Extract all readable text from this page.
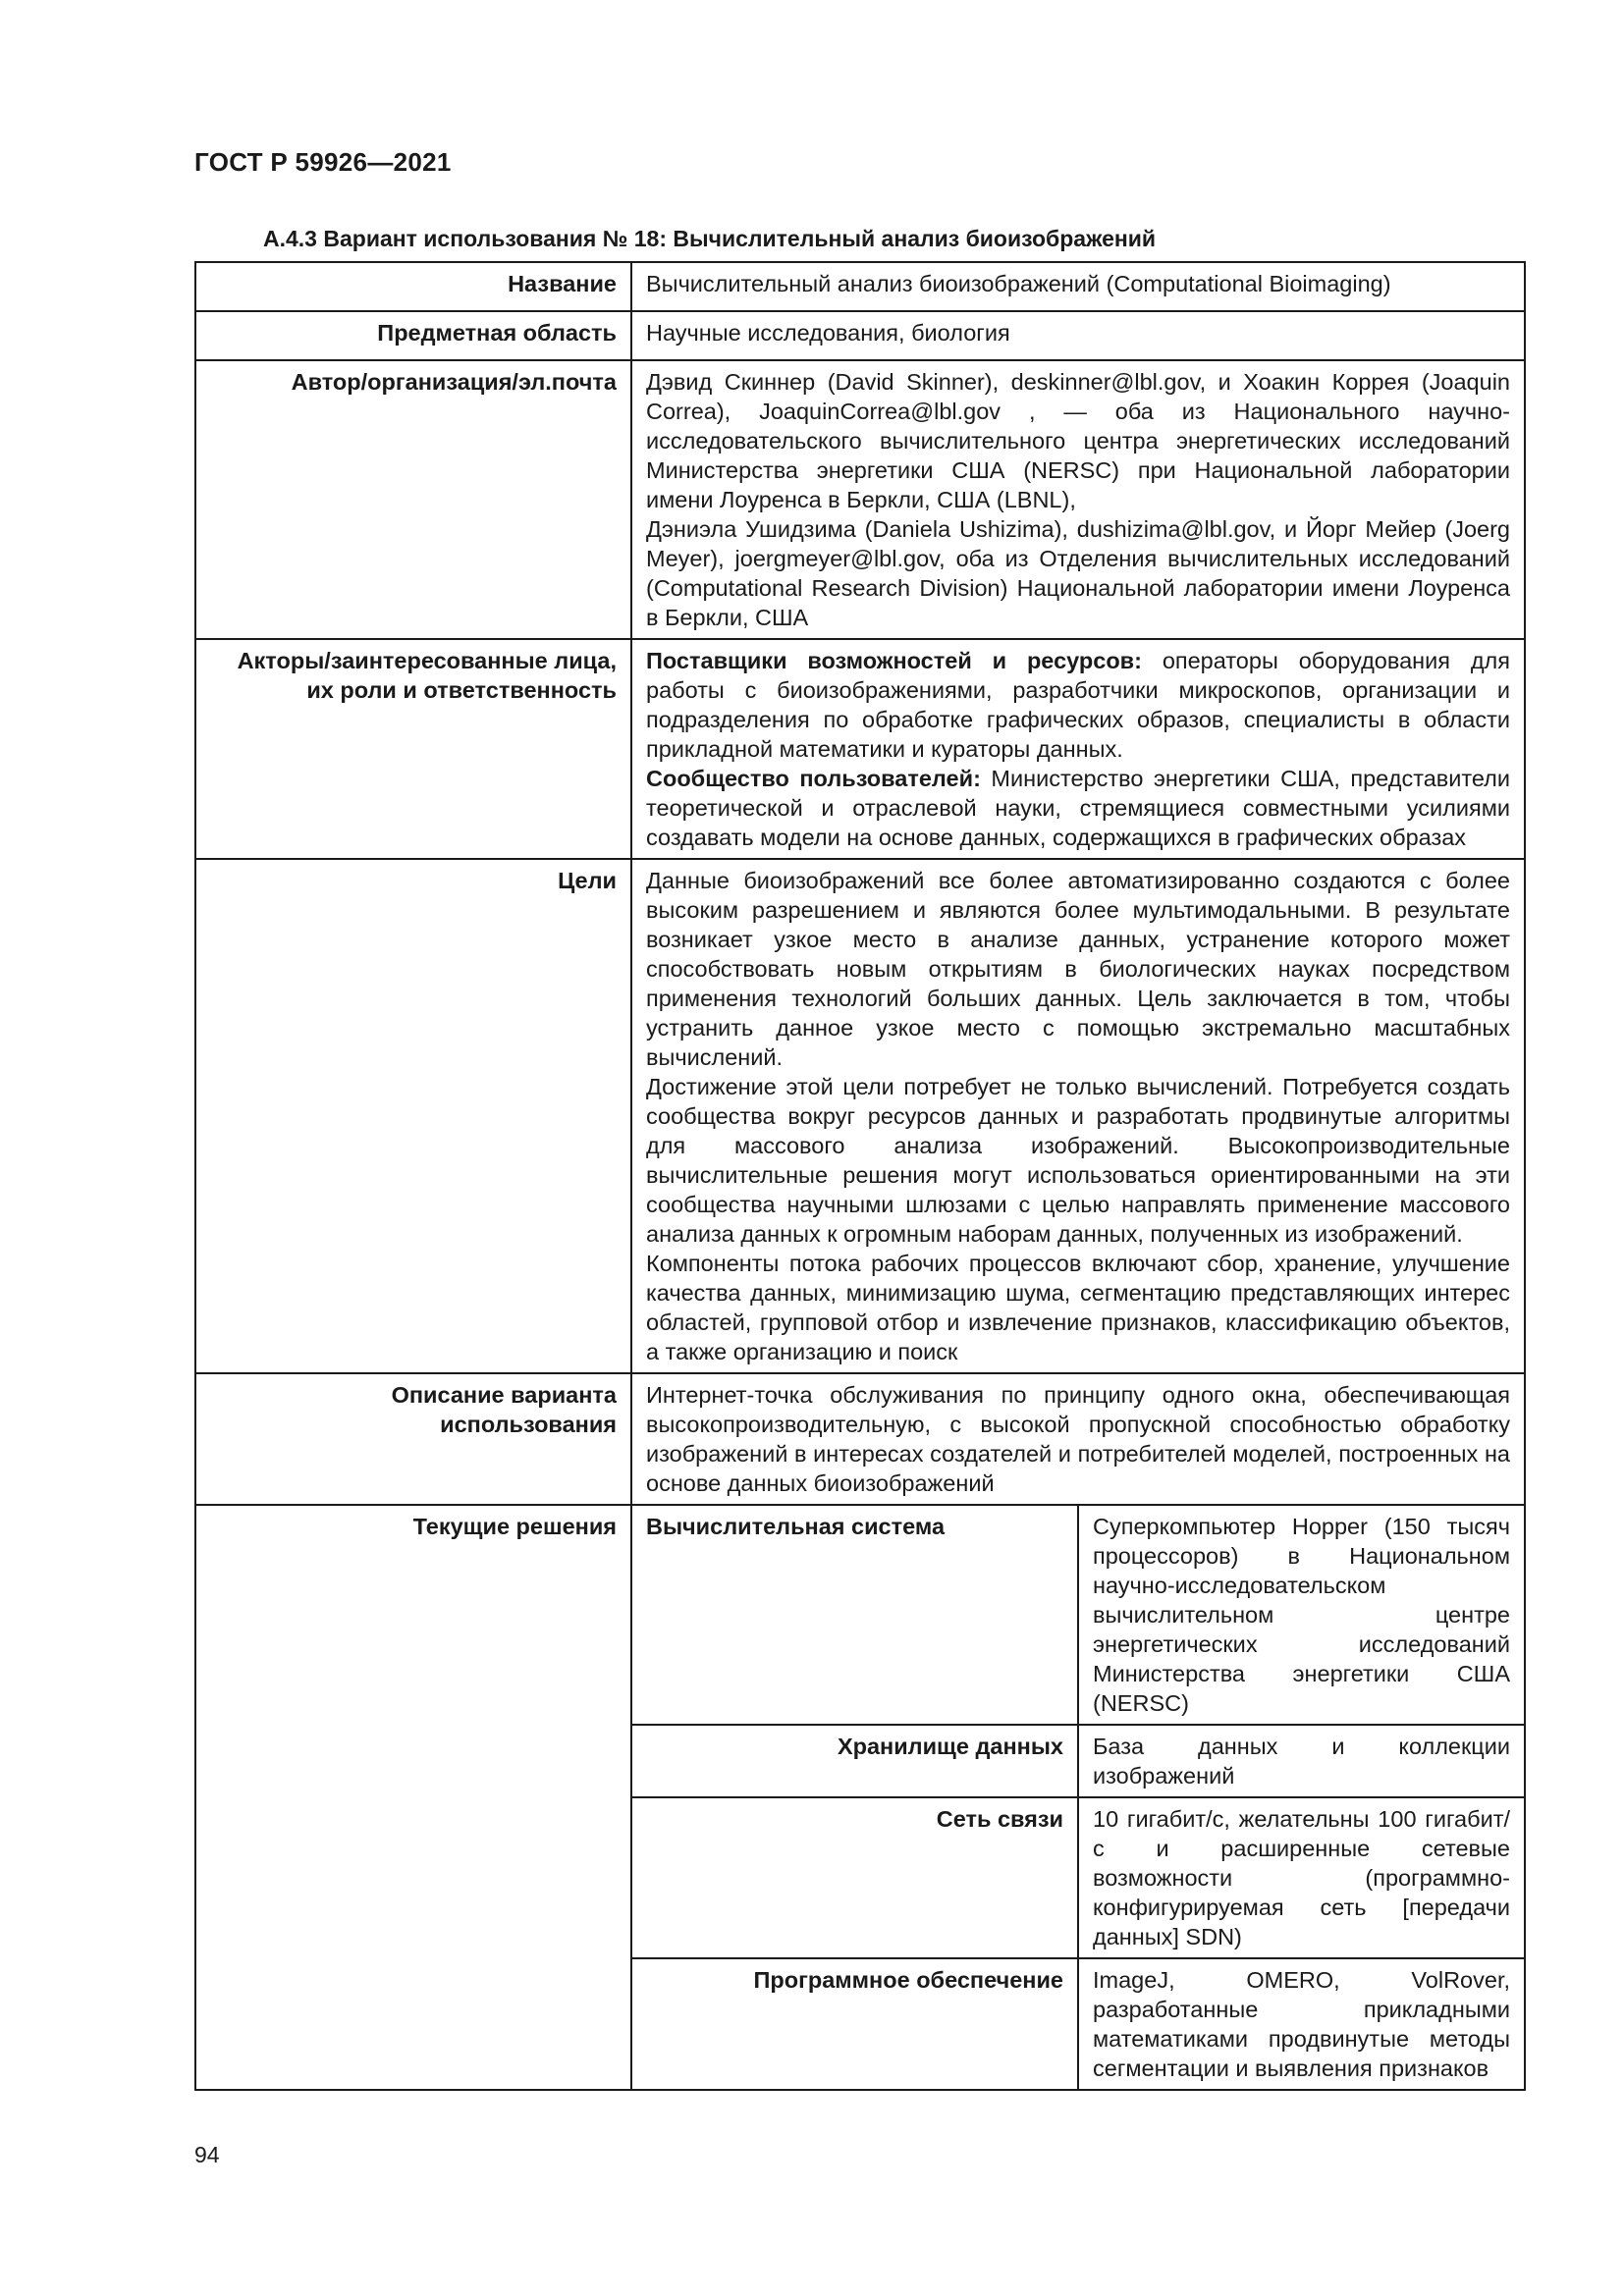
ГОСТ Р 59926—2021
А.4.3 Вариант использования № 18: Вычислительный анализ биоизображений
Название	Вычислительный анализ биоизображений (Computational Bioimaging)	
Предметная область	Научные исследования, биология	
Автор/организация/эл.почта	Дэвид Скиннер (David Skinner), deskinner@lbl.gov, и Хоакин Коррея (Joaquin Correa), JoaquinCorrea@lbl.gov , — оба из Национального научно-исследовательского вычислительного центра энергетических исследований Министерства энергетики США (NERSC) при Национальной лаборатории имени Лоуренса в Беркли, США (LBNL),

Дэниэла Ушидзима (Daniela Ushizima), dushizima@lbl.gov, и Йорг Мейер (Joerg Meyer), joergmeyer@lbl.gov, оба из Отделения вычислительных исследований (Computational Research Division) Национальной лаборатории имени Лоуренса в Беркли, США	

Акторы/заинтересованные лица, их роли и ответственность	Поставщики возможностей и ресурсов: операторы оборудования для работы с биоизображениями, разработчики микроскопов, организации и подразделения по обработке графических образов, специалисты в области прикладной математики и кураторы данных.

Сообщество пользователей: Министерство энергетики США, представители теоретической и отраслевой науки, стремящиеся совместными усилиями создавать модели на основе данных, содержащихся в графических образах	

Цели	Данные биоизображений все более автоматизированно создаются с более высоким разрешением и являются более мультимодальными. В результате возникает узкое место в анализе данных, устранение которого может способствовать новым открытиям в биологических науках посредством применения технологий больших данных. Цель заключается в том, чтобы устранить данное узкое место с помощью экстремально масштабных вычислений.

Достижение этой цели потребует не только вычислений. Потребуется создать сообщества вокруг ресурсов данных и разработать продвинутые алгоритмы для массового анализа изображений. Высокопроизводительные вычислительные решения могут использоваться ориентированными на эти сообщества научными шлюзами с целью направлять применение массового анализа данных к огромным наборам данных, полученных из изображений.

Компоненты потока рабочих процессов включают сбор, хранение, улучшение качества данных, минимизацию шума, сегментацию представляющих интерес областей, групповой отбор и извлечение признаков, классификацию объектов, а также организацию и поиск	

Описание варианта использования	Интернет-точка обслуживания по принципу одного окна, обеспечивающая высокопроизводительную, с высокой пропускной способностью обработку изображений в интересах создателей и потребителей моделей, построенных на основе данных биоизображений	
Текущие решения	Вычислительная система	Суперкомпьютер Hopper (150 тысяч процессоров) в Национальном научно-исследовательском вычислительном центре энергетических исследований Министерства энергетики США (NERSC)
	Хранилище данных	База данных и коллекции изображений
	Сеть связи	10 гигабит/с, желательны 100 гигабит/с и расширенные сетевые возможности (программно-конфигурируемая сеть [передачи данных] SDN)
	Программное обеспечение	ImageJ, OMERO, VolRover, разработанные прикладными математиками продвинутые методы сегментации и выявления признаков
94
